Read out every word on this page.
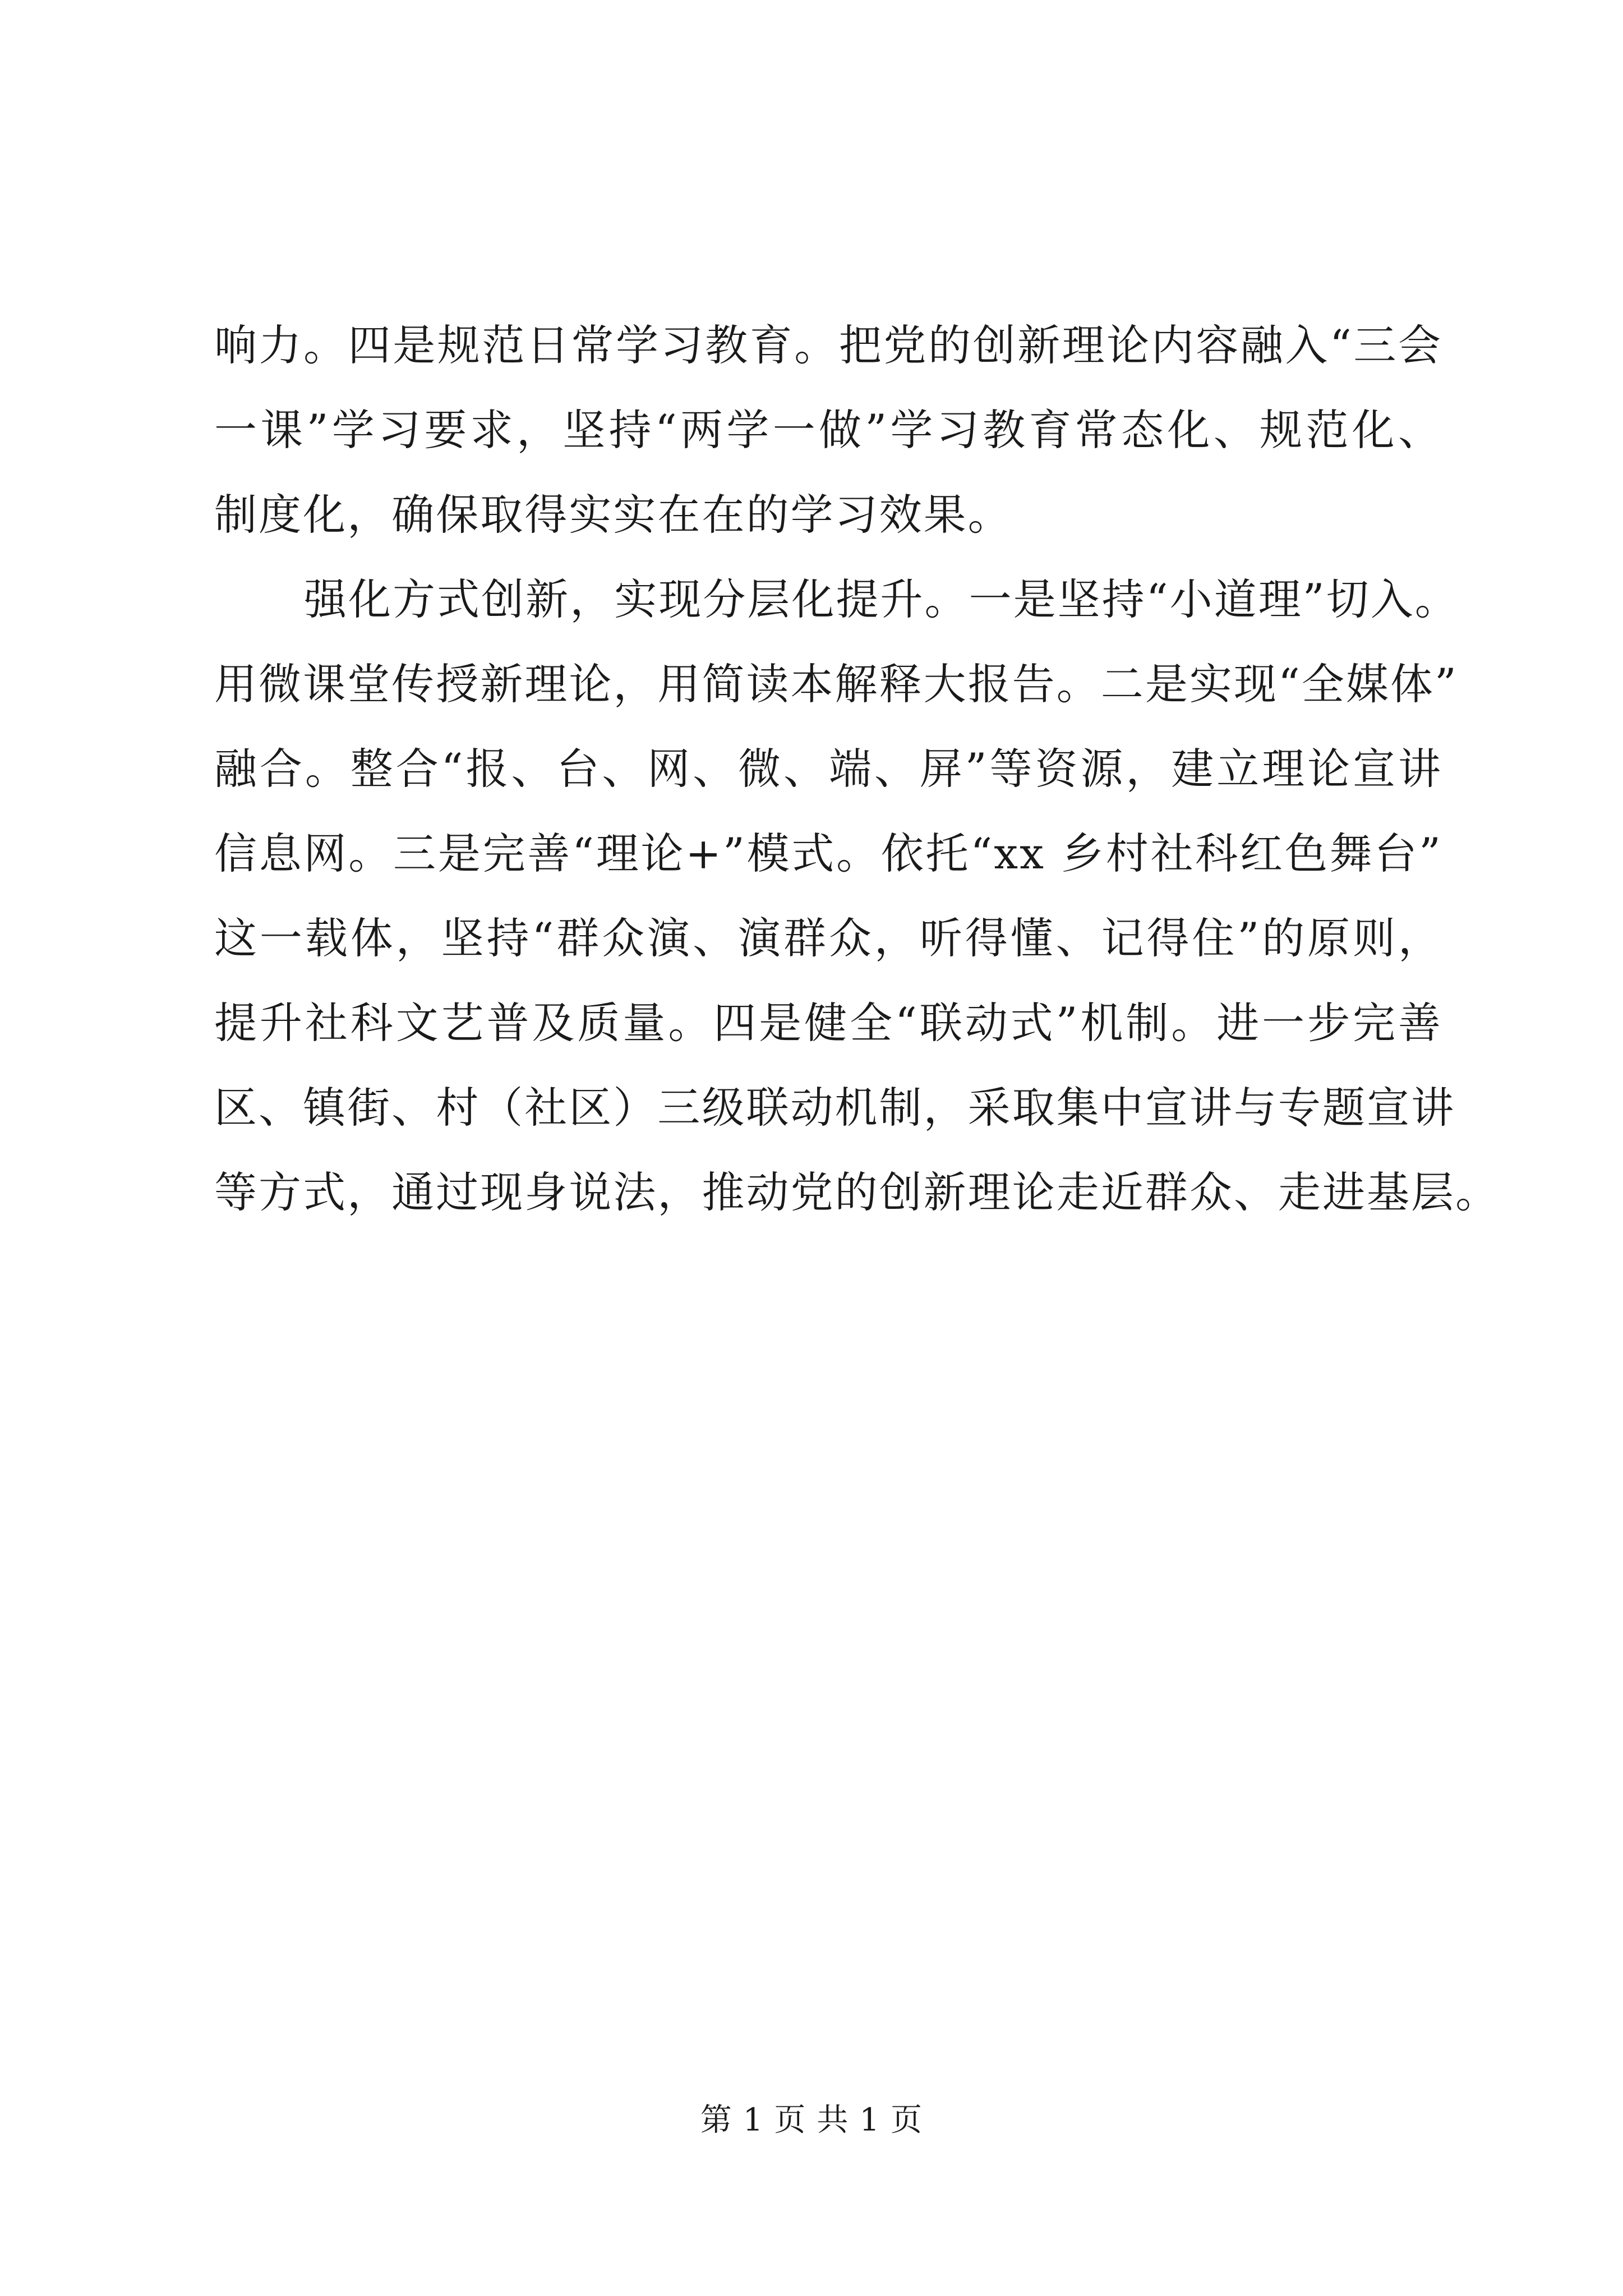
响力。四是规范日常学习教育。把党的创新理论内容融入“三会
一课”学习要求，坚持“两学一做”学习教育常态化、规范化、
制度化，确保取得实实在在的学习效果。
强化方式创新，实现分层化提升。一是坚持“小道理”切入。
用微课堂传授新理论，用简读本解释大报告。二是实现“全媒体”
融合。整合“报、台、网、微、端、屏”等资源，建立理论宣讲
信息网。三是完善“理论+”模式。依托“xx 乡村社科红色舞台”
这一载体，坚持“群众演、演群众，听得懂、记得住”的原则，
提升社科文艺普及质量。四是健全“联动式”机制。进一步完善
区、镇街、村（社区）三级联动机制，采取集中宣讲与专题宣讲
等方式，通过现身说法，推动党的创新理论走近群众、走进基层。
第 1 页 共 1 页
